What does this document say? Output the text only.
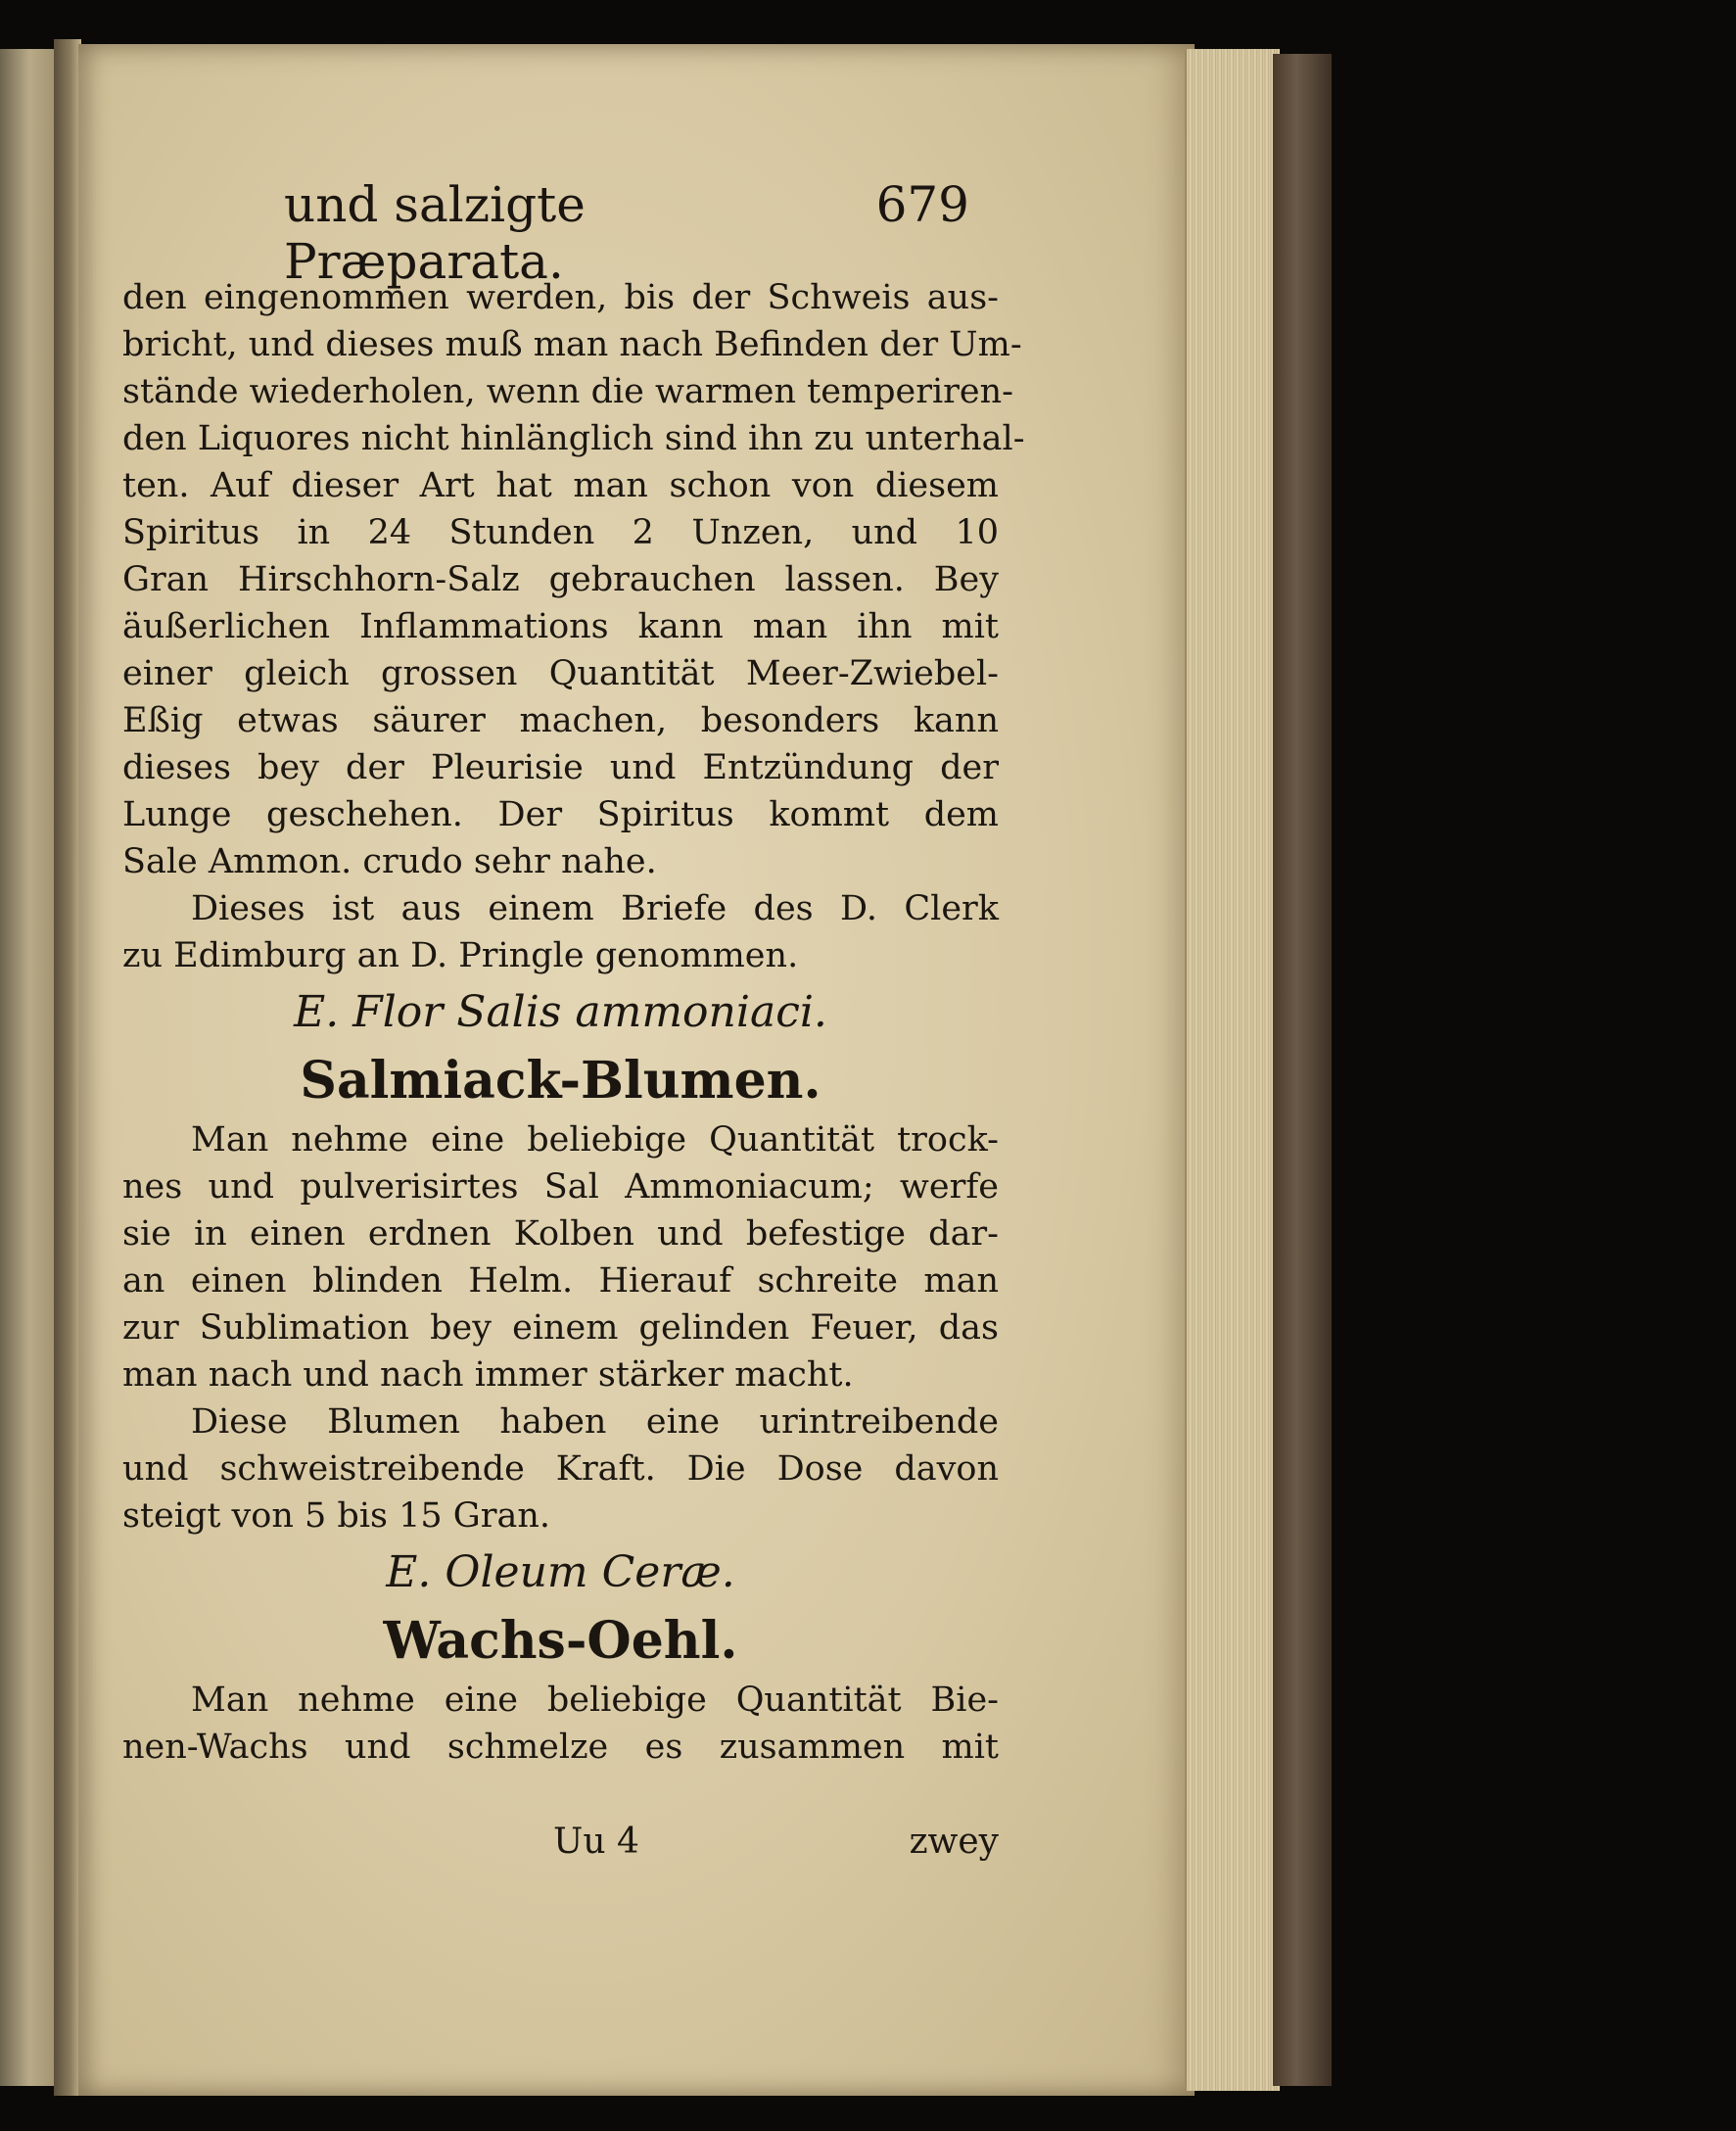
und salzigte Præparata.
679

den eingenommen werden, bis der Schweis aus-
bricht, und dieses muß man nach Befinden der Um-
stände wiederholen, wenn die warmen temperiren-
den Liquores nicht hinlänglich sind ihn zu unterhal-
ten. Auf dieser Art hat man schon von diesem
Spiritus in 24 Stunden 2 Unzen, und 10
Gran Hirschhorn-Salz gebrauchen lassen. Bey
äußerlichen Inflammations kann man ihn mit
einer gleich grossen Quantität Meer-Zwiebel-
Eßig etwas säurer machen, besonders kann
dieses bey der Pleurisie und Entzündung der
Lunge geschehen. Der Spiritus kommt dem
Sale Ammon. crudo sehr nahe.

Dieses ist aus einem Briefe des D. Clerk
zu Edimburg an D. Pringle genommen.

E. Flor Salis ammoniaci.
Salmiack-Blumen.

Man nehme eine beliebige Quantität trock-
nes und pulverisirtes Sal Ammoniacum; werfe
sie in einen erdnen Kolben und befestige dar-
an einen blinden Helm. Hierauf schreite man
zur Sublimation bey einem gelinden Feuer, das
man nach und nach immer stärker macht.

Diese Blumen haben eine urintreibende
und schweistreibende Kraft. Die Dose davon
steigt von 5 bis 15 Gran.

E. Oleum Ceræ.
Wachs-Oehl.

Man nehme eine beliebige Quantität Bie-
nen-Wachs und schmelze es zusammen mit

Uu 4	zwey
